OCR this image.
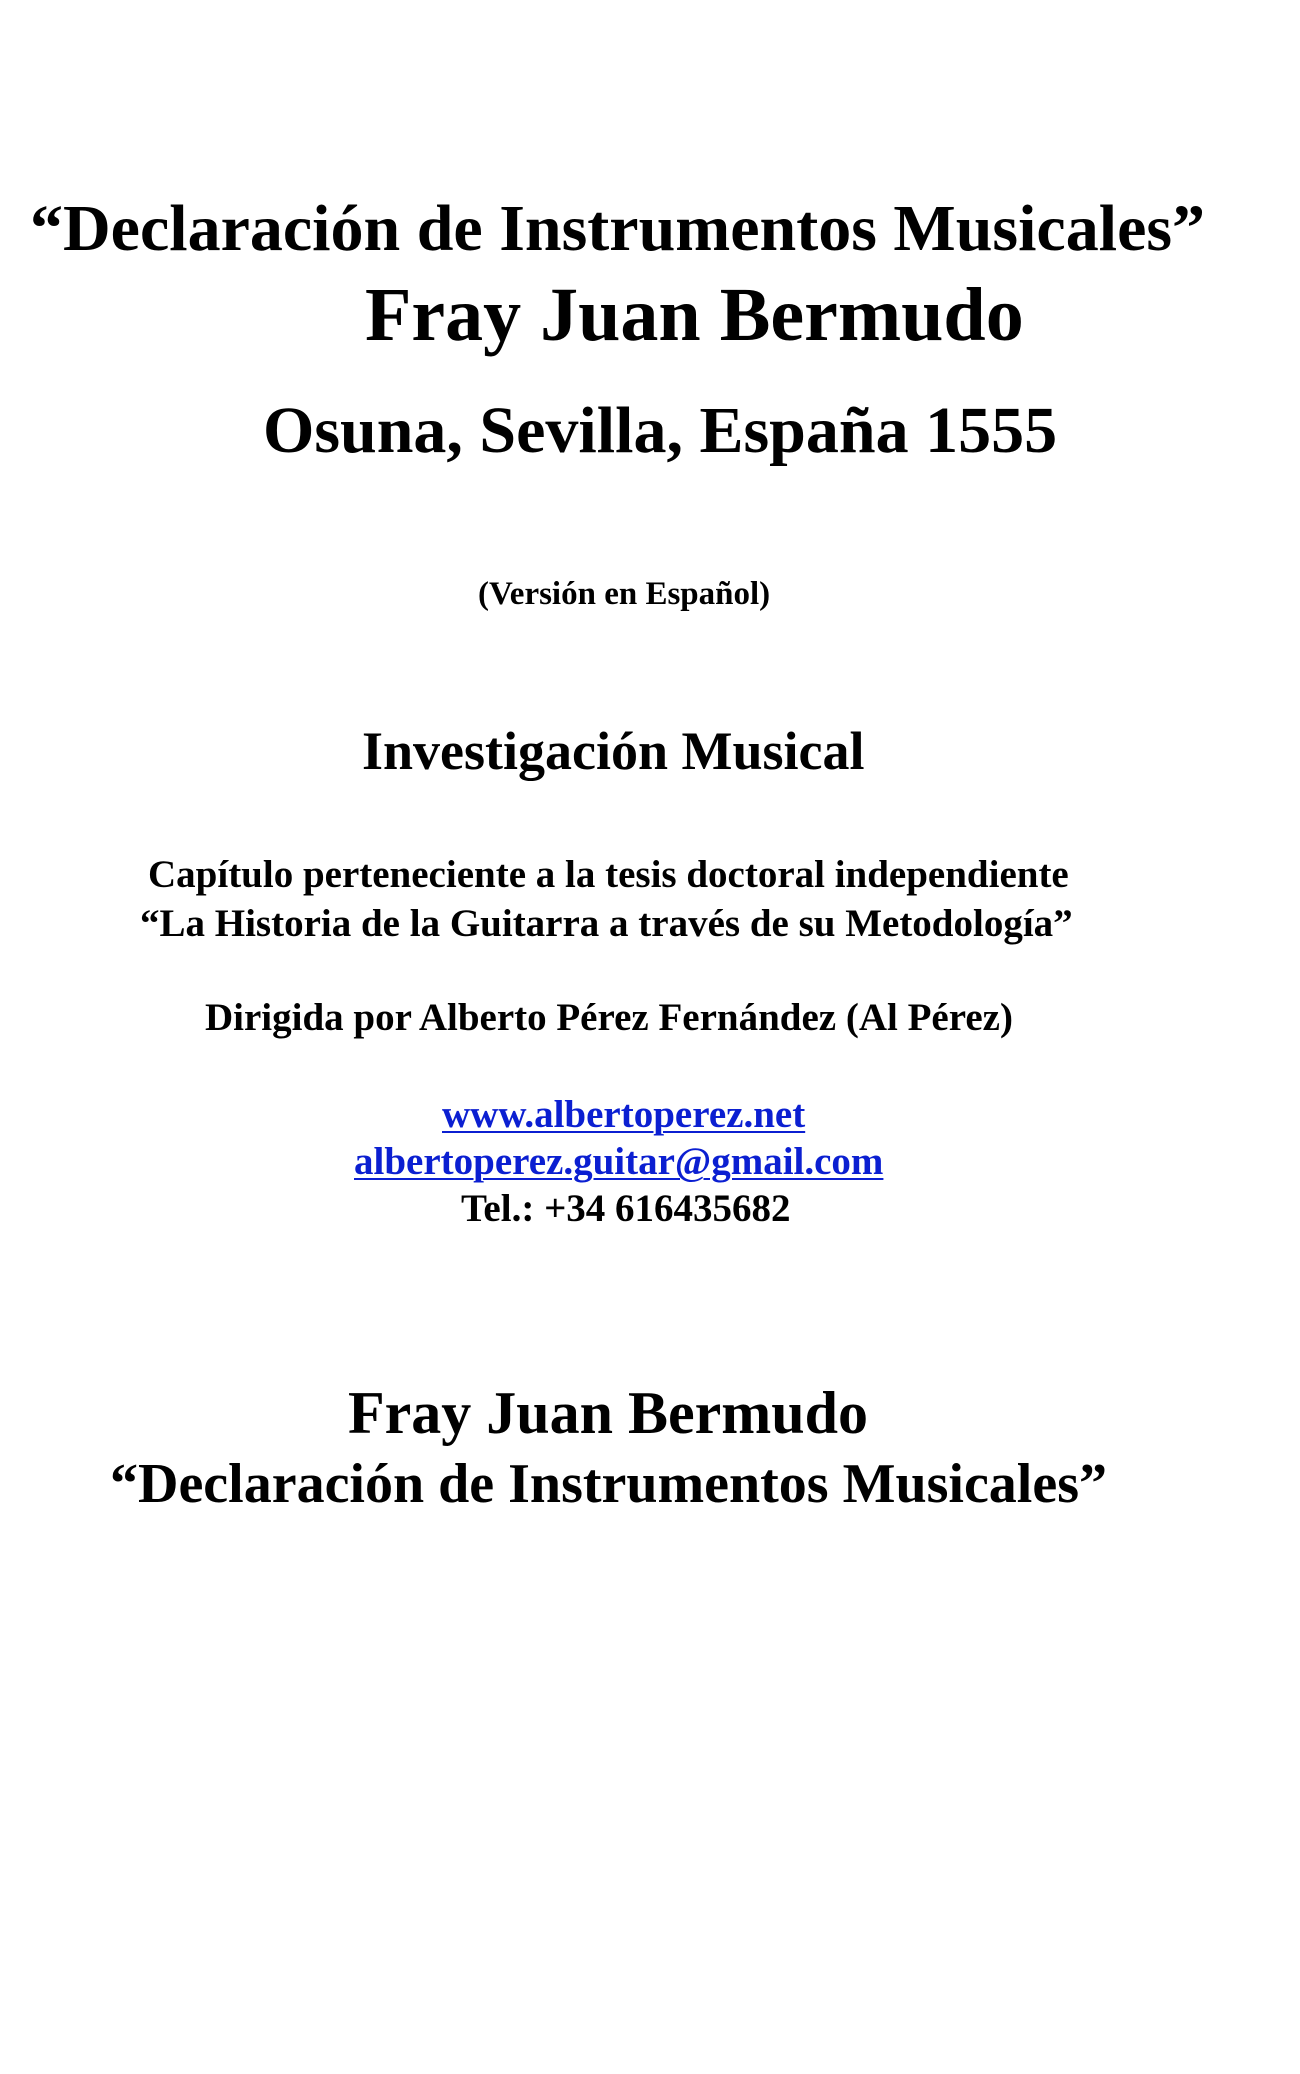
“Declaración de Instrumentos Musicales”
Fray Juan Bermudo
Osuna, Sevilla, España 1555
(Versión en Español)
Investigación Musical
Capítulo perteneciente a la tesis doctoral independiente
“La Historia de la Guitarra a través de su Metodología”
Dirigida por Alberto Pérez Fernández (Al Pérez)
www.albertoperez.net
albertoperez.guitar@gmail.com
Tel.: +34 616435682
Fray Juan Bermudo
“Declaración de Instrumentos Musicales”
